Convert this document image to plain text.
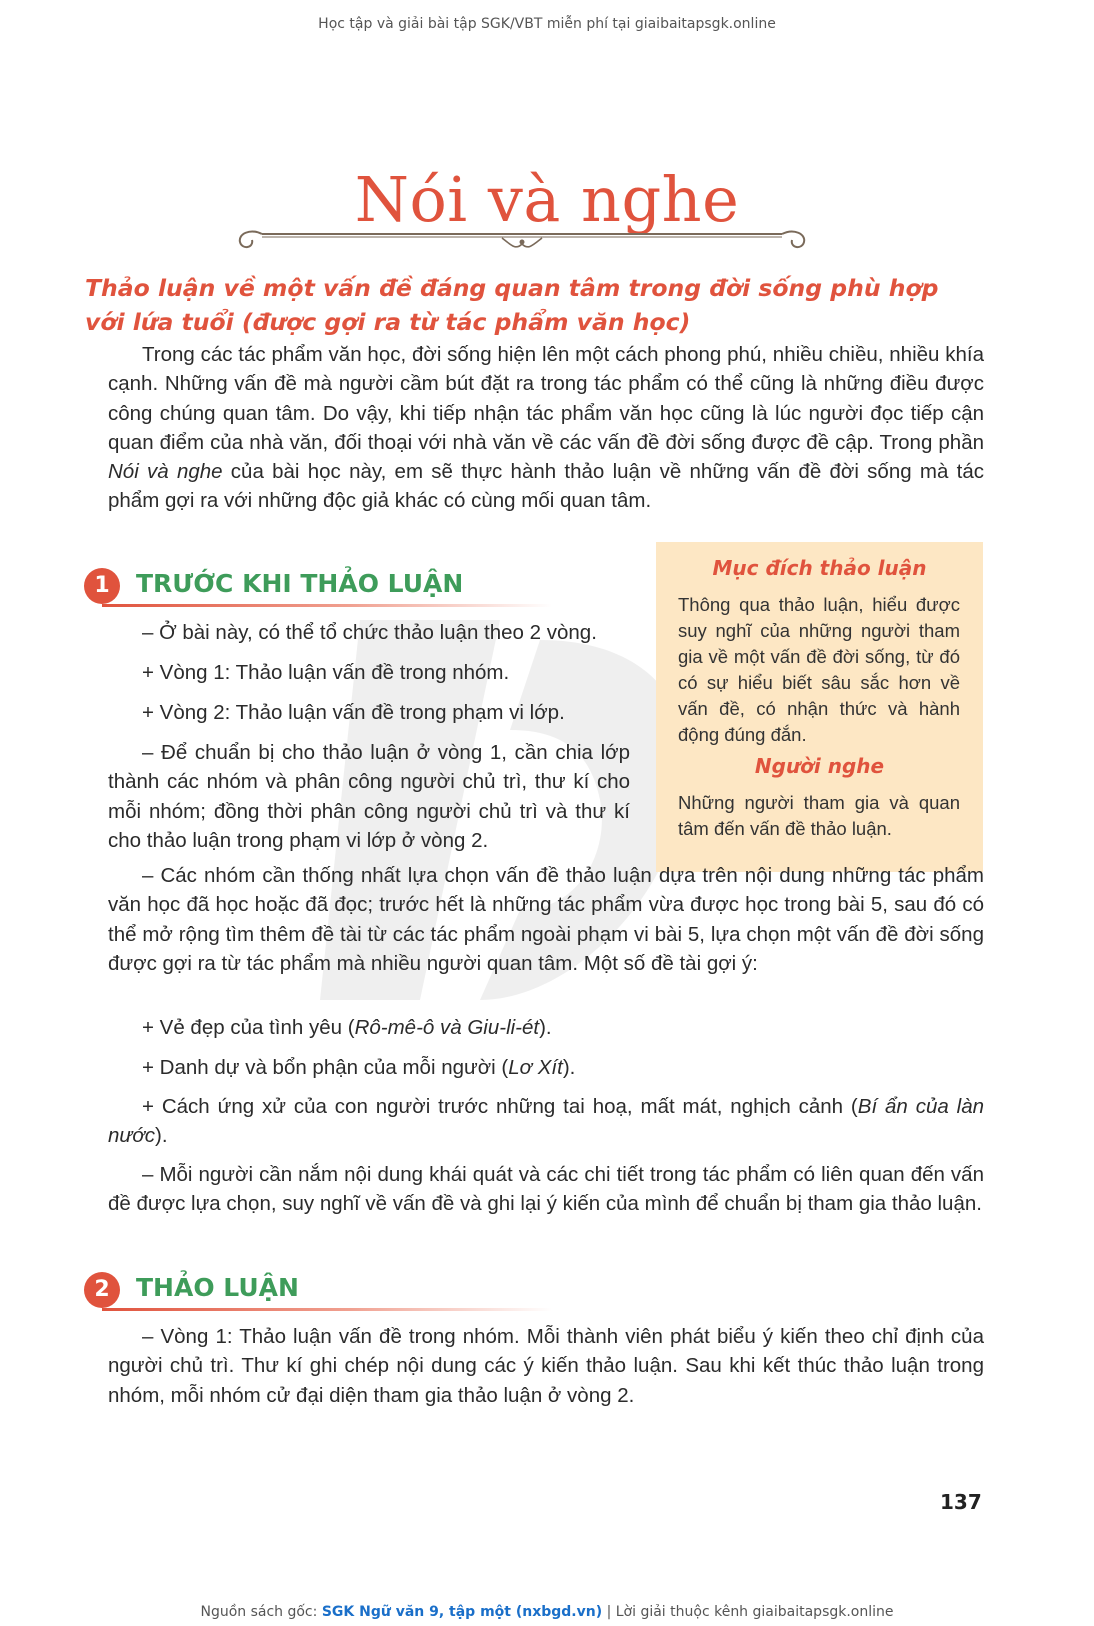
Học tập và giải bài tập SGK/VBT miễn phí tại giaibaitapsgk.online
Nói và nghe
Thảo luận về một vấn đề đáng quan tâm trong đời sống phù hợp với lứa tuổi (được gợi ra từ tác phẩm văn học)
Trong các tác phẩm văn học, đời sống hiện lên một cách phong phú, nhiều chiều, nhiều khía cạnh. Những vấn đề mà người cầm bút đặt ra trong tác phẩm có thể cũng là những điều được công chúng quan tâm. Do vậy, khi tiếp nhận tác phẩm văn học cũng là lúc người đọc tiếp cận quan điểm của nhà văn, đối thoại với nhà văn về các vấn đề đời sống được đề cập. Trong phần Nói và nghe của bài học này, em sẽ thực hành thảo luận về những vấn đề đời sống mà tác phẩm gợi ra với những độc giả khác có cùng mối quan tâm.
1	TRƯỚC KHI THẢO LUẬN
Mục đích thảo luận
Thông qua thảo luận, hiểu được suy nghĩ của những người tham gia về một vấn đề đời sống, từ đó có sự hiểu biết sâu sắc hơn về vấn đề, có nhận thức và hành động đúng đắn.
Người nghe
Những người tham gia và quan tâm đến vấn đề thảo luận.
– Ở bài này, có thể tổ chức thảo luận theo 2 vòng.
+ Vòng 1: Thảo luận vấn đề trong nhóm.
+ Vòng 2: Thảo luận vấn đề trong phạm vi lớp.
– Để chuẩn bị cho thảo luận ở vòng 1, cần chia lớp thành các nhóm và phân công người chủ trì, thư kí cho mỗi nhóm; đồng thời phân công người chủ trì và thư kí cho thảo luận trong phạm vi lớp ở vòng 2.
– Các nhóm cần thống nhất lựa chọn vấn đề thảo luận dựa trên nội dung những tác phẩm văn học đã học hoặc đã đọc; trước hết là những tác phẩm vừa được học trong bài 5, sau đó có thể mở rộng tìm thêm đề tài từ các tác phẩm ngoài phạm vi bài 5, lựa chọn một vấn đề đời sống được gợi ra từ tác phẩm mà nhiều người quan tâm. Một số đề tài gợi ý:
+ Vẻ đẹp của tình yêu (Rô-mê-ô và Giu-li-ét).
+ Danh dự và bổn phận của mỗi người (Lơ Xít).
+ Cách ứng xử của con người trước những tai hoạ, mất mát, nghịch cảnh (Bí ẩn của làn nước).
– Mỗi người cần nắm nội dung khái quát và các chi tiết trong tác phẩm có liên quan đến vấn đề được lựa chọn, suy nghĩ về vấn đề và ghi lại ý kiến của mình để chuẩn bị tham gia thảo luận.
2	THẢO LUẬN
– Vòng 1: Thảo luận vấn đề trong nhóm. Mỗi thành viên phát biểu ý kiến theo chỉ định của người chủ trì. Thư kí ghi chép nội dung các ý kiến thảo luận. Sau khi kết thúc thảo luận trong nhóm, mỗi nhóm cử đại diện tham gia thảo luận ở vòng 2.
137
Nguồn sách gốc: SGK Ngữ văn 9, tập một (nxbgd.vn) | Lời giải thuộc kênh giaibaitapsgk.online
